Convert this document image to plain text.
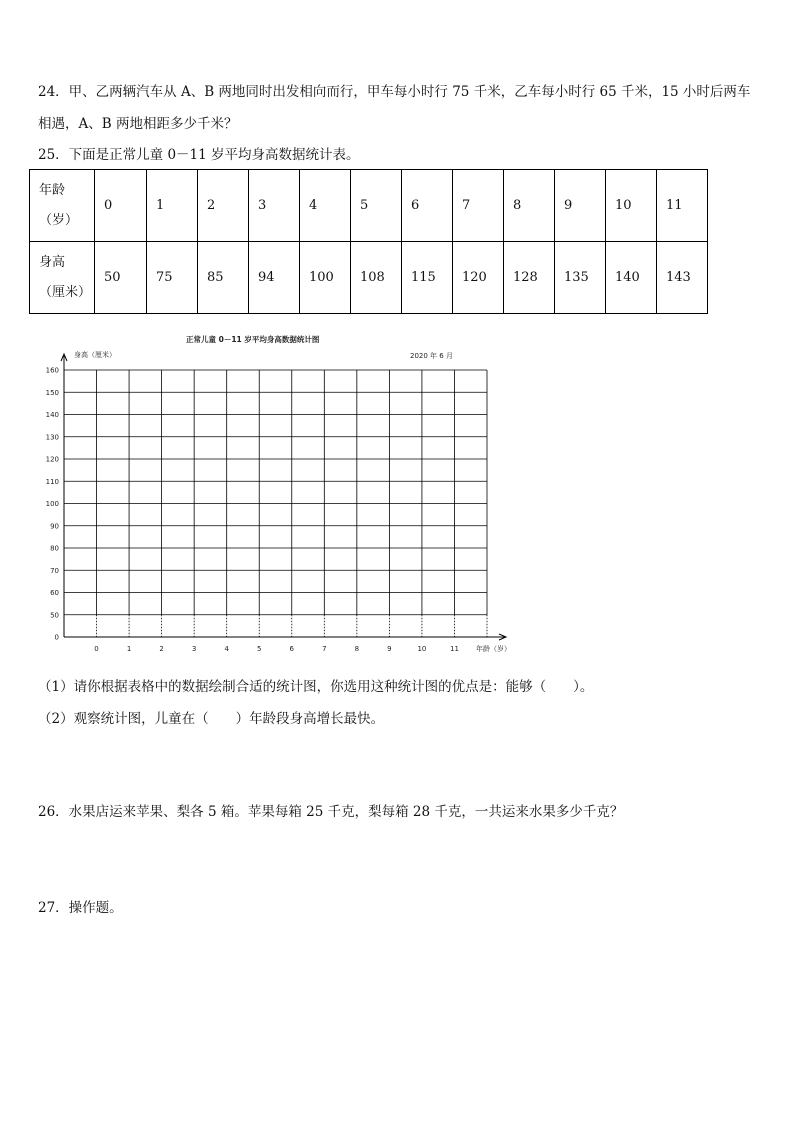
24．甲、乙两辆汽车从 A、B 两地同时出发相向而行，甲车每小时行 75 千米，乙车每小时行 65 千米，15 小时后两车
相遇，A、B 两地相距多少千米？
25．下面是正常儿童 0－11 岁平均身高数据统计表。
年龄
（岁）	0	1	2	3	4	5	6	7	8	9	10	11
身高
（厘米）	50	75	85	94	100	108	115	120	128	135	140	143
正常儿童 0－11 岁平均身高数据统计图
2020 年 6 月
身高（厘米）
年龄（岁）
160
150
140
130
120
110
100
90
80
70
60
50
0
0	1	2	3	4	5	6	7	8	9	10	11
（1）请你根据表格中的数据绘制合适的统计图，你选用这种统计图的优点是：能够（　　）。
（2）观察统计图，儿童在（　　）年龄段身高增长最快。
26．水果店运来苹果、梨各 5 箱。苹果每箱 25 千克，梨每箱 28 千克，一共运来水果多少千克？
27．操作题。
